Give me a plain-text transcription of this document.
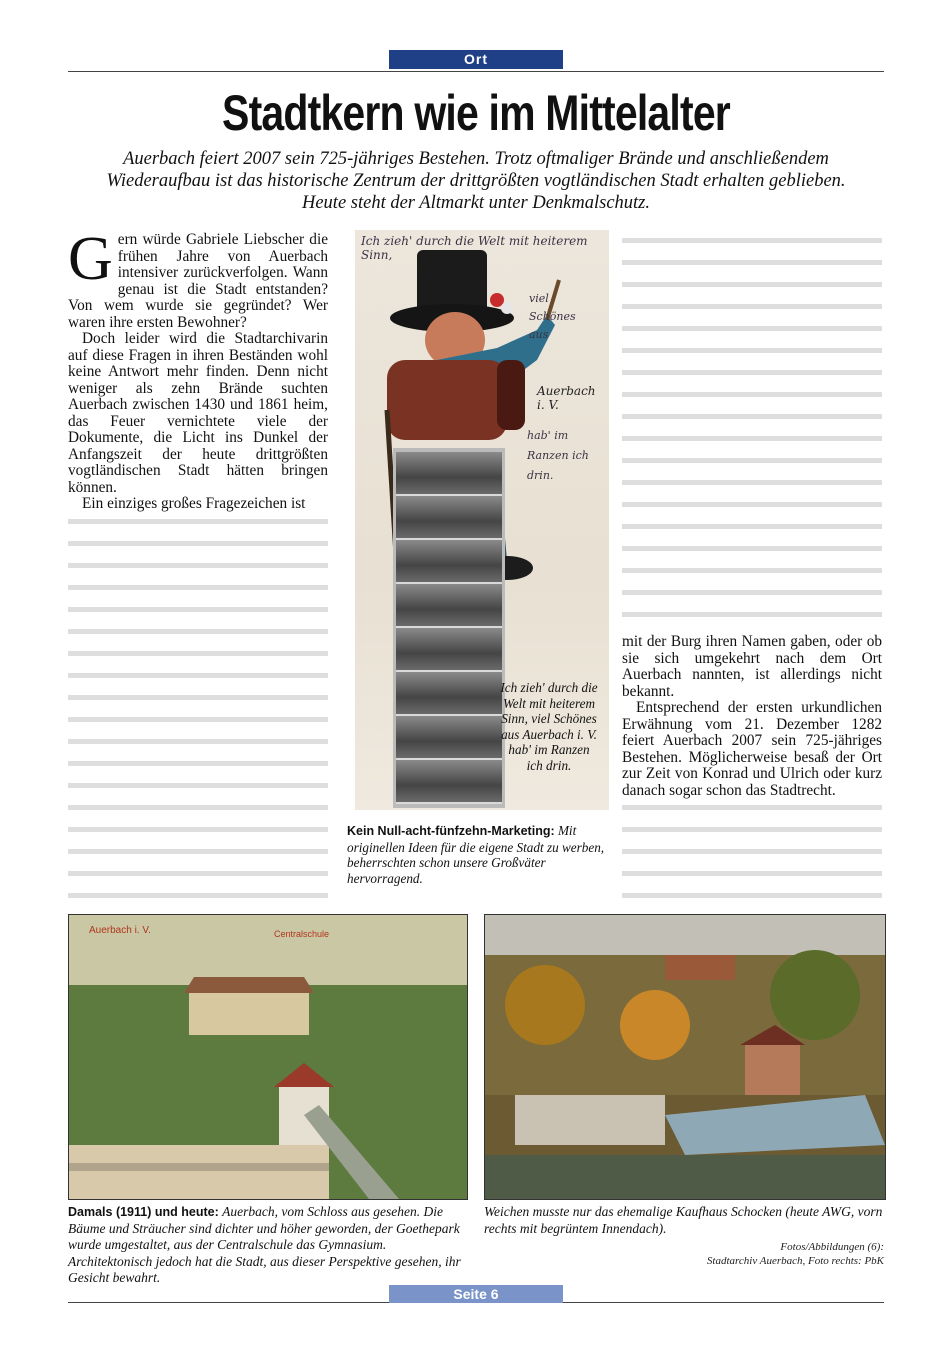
Ort
Stadtkern wie im Mittelalter
Auerbach feiert 2007 sein 725-jähriges Bestehen. Trotz oftmaliger Brände und anschließendem Wiederaufbau ist das historische Zentrum der drittgrößten vogtländischen Stadt erhalten geblieben. Heute steht der Altmarkt unter Denkmalschutz.

Gern würde Gabriele Liebscher die frühen Jahre von Auerbach intensiver zurückverfolgen. Wann genau ist die Stadt entstanden? Von wem wurde sie gegründet? Wer waren ihre ersten Bewohner?

Doch leider wird die Stadtarchivarin auf diese Fragen in ihren Beständen wohl keine Antwort mehr finden. Denn nicht weniger als zehn Brände suchten Auerbach zwischen 1430 und 1861 heim, das Feuer vernichtete viele der Dokumente, die Licht ins Dunkel der Anfangszeit der heute drittgrößten vogtländischen Stadt hätten bringen können.

Ein einziges großes Fragezeichen ist

Ich zieh' durch die Welt mit heiterem Sinn,
viel Schönes aus
Auerbach i. V.
hab' im Ranzen ich drin.
Ich zieh' durch die Welt mit heiterem Sinn, viel Schönes aus Auerbach i. V. hab' im Ranzen ich drin.
Kein Null-acht-fünfzehn-Marketing: Mit originellen Ideen für die eigene Stadt zu werben, beherrschten schon unsere Großväter hervorragend.

mit der Burg ihren Namen gaben, oder ob sie sich umgekehrt nach dem Ort Auerbach nannten, ist allerdings nicht bekannt.

Entsprechend der ersten urkundlichen Erwähnung vom 21. Dezember 1282 feiert Auerbach 2007 sein 725-jähriges Bestehen. Möglicherweise besaß der Ort zur Zeit von Konrad und Ulrich oder kurz danach sogar schon das Stadtrecht.

Auerbach i. V.	Centralschule
Damals (1911) und heute: Auerbach, vom Schloss aus gesehen. Die Bäume und Sträucher sind dichter und höher geworden, der Goethepark wurde umgestaltet, aus der Centralschule das Gymnasium. Architektonisch jedoch hat die Stadt, aus dieser Perspektive gesehen, ihr Gesicht bewahrt.
Weichen musste nur das ehemalige Kaufhaus Schocken (heute AWG, vorn rechts mit begrüntem Innendach).
Fotos/Abbildungen (6):
Stadtarchiv Auerbach, Foto rechts: PbK
Seite 6
